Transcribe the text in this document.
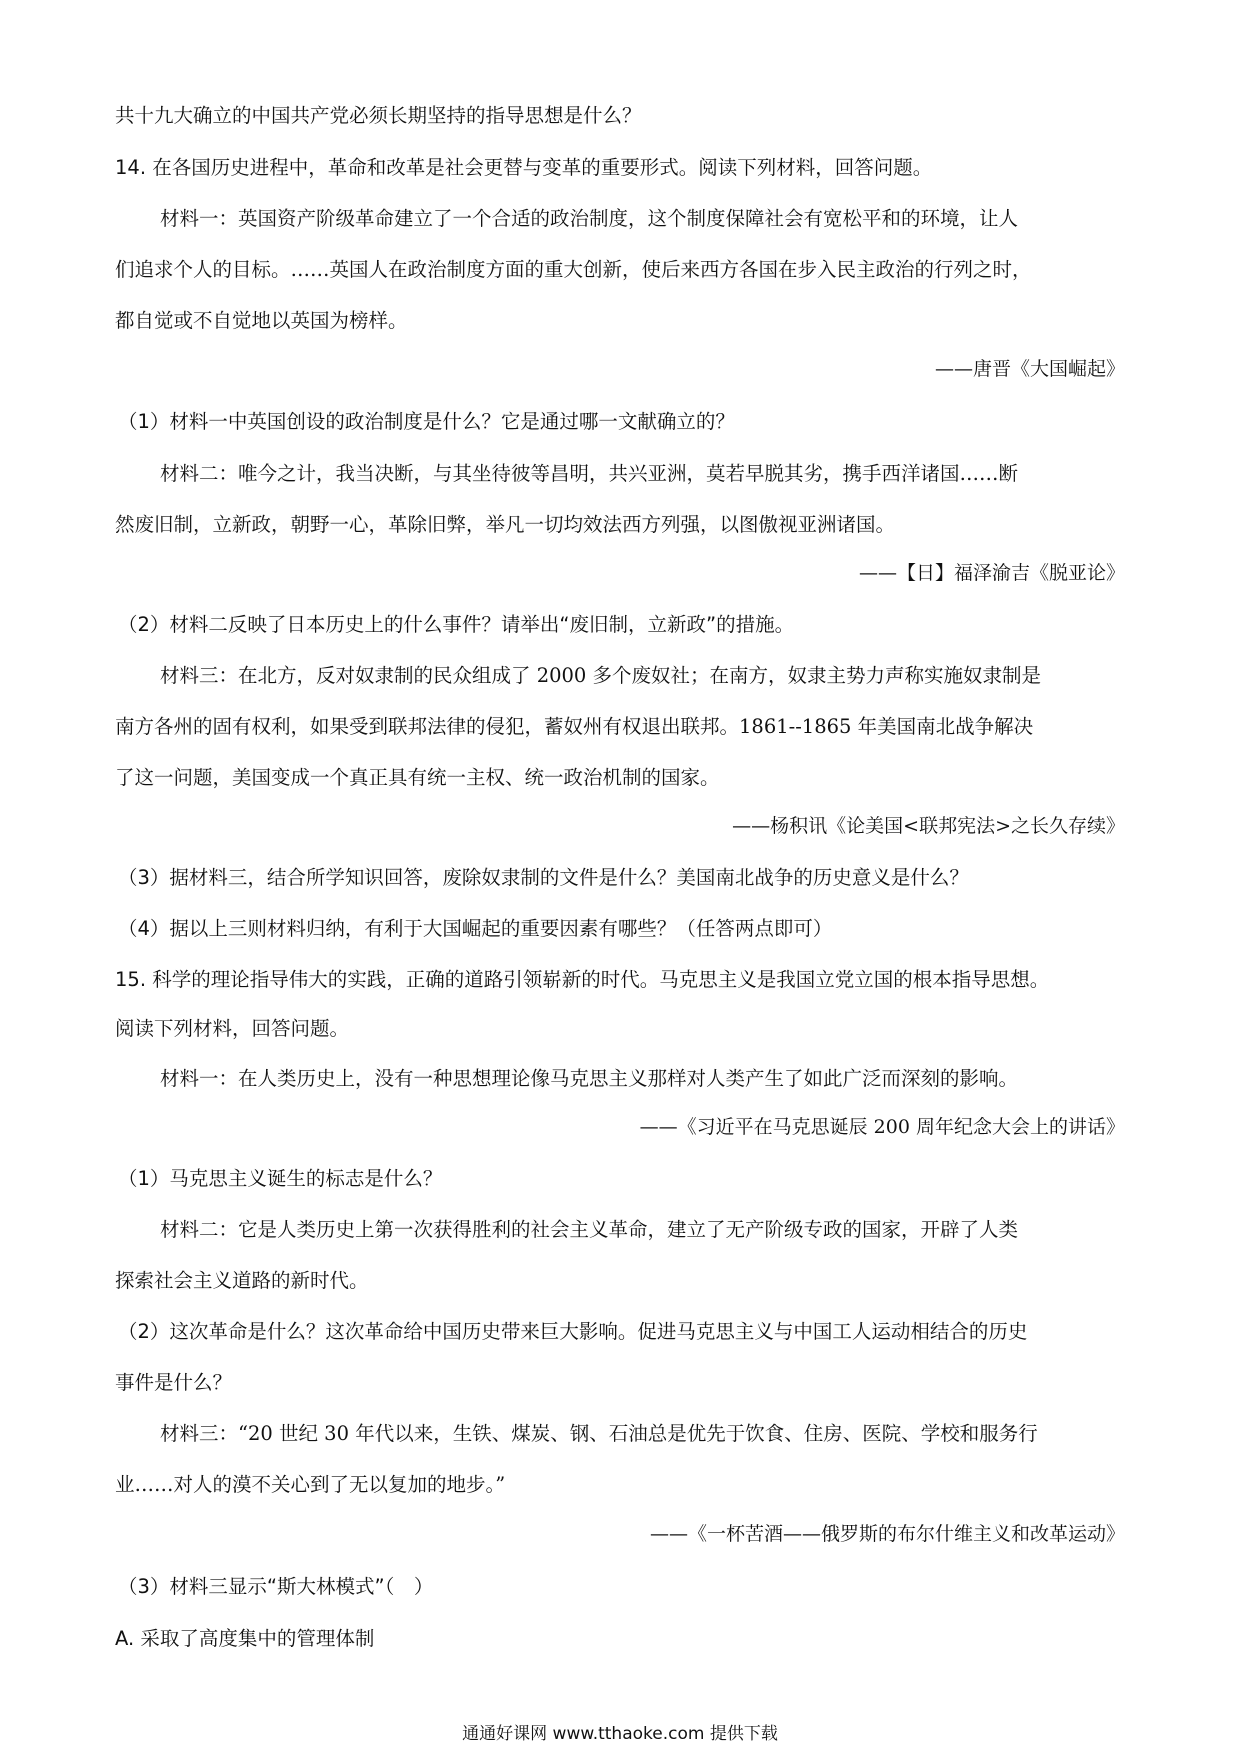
共十九大确立的中国共产党必须长期坚持的指导思想是什么？
14. 在各国历史进程中，革命和改革是社会更替与变革的重要形式。阅读下列材料，回答问题。
材料一：英国资产阶级革命建立了一个合适的政治制度，这个制度保障社会有宽松平和的环境，让人
们追求个人的目标。……英国人在政治制度方面的重大创新，使后来西方各国在步入民主政治的行列之时，
都自觉或不自觉地以英国为榜样。
——唐晋《大国崛起》
（1）材料一中英国创设的政治制度是什么？它是通过哪一文献确立的？
材料二：唯今之计，我当决断，与其坐待彼等昌明，共兴亚洲，莫若早脱其劣，携手西洋诸国……断
然废旧制，立新政，朝野一心，革除旧弊，举凡一切均效法西方列强，以图傲视亚洲诸国。
——【日】福泽渝吉《脱亚论》
（2）材料二反映了日本历史上的什么事件？请举出“废旧制，立新政”的措施。
材料三：在北方，反对奴隶制的民众组成了 2000 多个废奴社；在南方，奴隶主势力声称实施奴隶制是
南方各州的固有权利，如果受到联邦法律的侵犯，蓄奴州有权退出联邦。1861--1865 年美国南北战争解决
了这一问题，美国变成一个真正具有统一主权、统一政治机制的国家。
——杨积讯《论美国<联邦宪法>之长久存续》
（3）据材料三，结合所学知识回答，废除奴隶制的文件是什么？美国南北战争的历史意义是什么？
（4）据以上三则材料归纳，有利于大国崛起的重要因素有哪些？（任答两点即可）
15. 科学的理论指导伟大的实践，正确的道路引领崭新的时代。马克思主义是我国立党立国的根本指导思想。
阅读下列材料，回答问题。
材料一：在人类历史上，没有一种思想理论像马克思主义那样对人类产生了如此广泛而深刻的影响。
——《习近平在马克思诞辰 200 周年纪念大会上的讲话》
（1）马克思主义诞生的标志是什么？
材料二：它是人类历史上第一次获得胜利的社会主义革命，建立了无产阶级专政的国家，开辟了人类
探索社会主义道路的新时代。
（2）这次革命是什么？这次革命给中国历史带来巨大影响。促进马克思主义与中国工人运动相结合的历史
事件是什么？
材料三：“20 世纪 30 年代以来，生铁、煤炭、钢、石油总是优先于饮食、住房、医院、学校和服务行
业……对人的漠不关心到了无以复加的地步。”
——《一杯苦酒——俄罗斯的布尔什维主义和改革运动》
（3）材料三显示“斯大林模式”（　）
A. 采取了高度集中的管理体制
通通好课网 www.tthaoke.com 提供下载
